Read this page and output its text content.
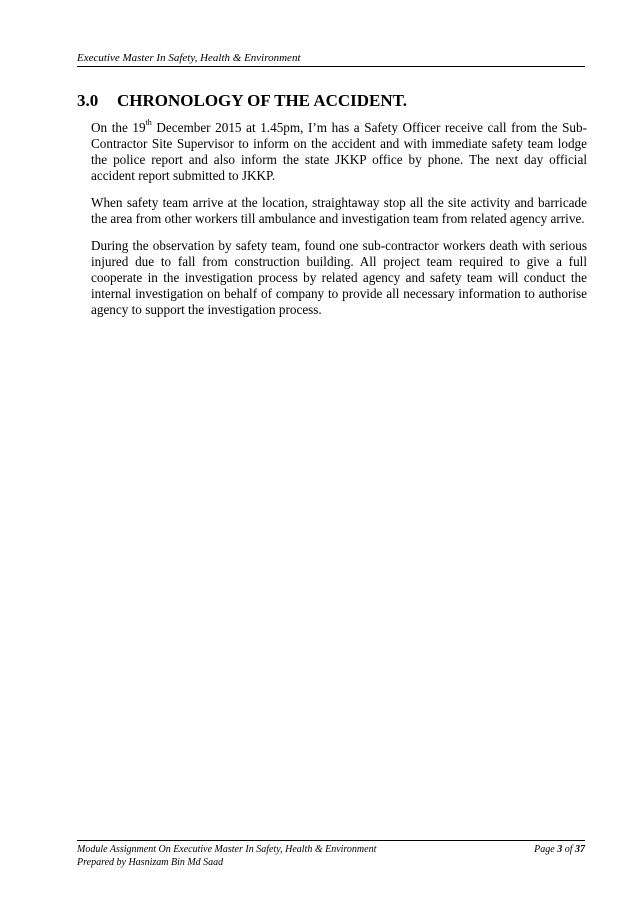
Executive Master In Safety, Health & Environment
3.0 CHRONOLOGY OF THE ACCIDENT.

On the 19th December 2015 at 1.45pm, I’m has a Safety Officer receive call from the Sub-Contractor Site Supervisor to inform on the accident and with immediate safety team lodge the police report and also inform the state JKKP office by phone. The next day official accident report submitted to JKKP.

When safety team arrive at the location, straightaway stop all the site activity and barricade the area from other workers till ambulance and investigation team from related agency arrive.

During the observation by safety team, found one sub-contractor workers death with serious injured due to fall from construction building. All project team required to give a full cooperate in the investigation process by related agency and safety team will conduct the internal investigation on behalf of company to provide all necessary information to authorise agency to support the investigation process.

Module Assignment On Executive Master In Safety, Health & Environment	Page 3 of 37
Prepared by Hasnizam Bin Md Saad
